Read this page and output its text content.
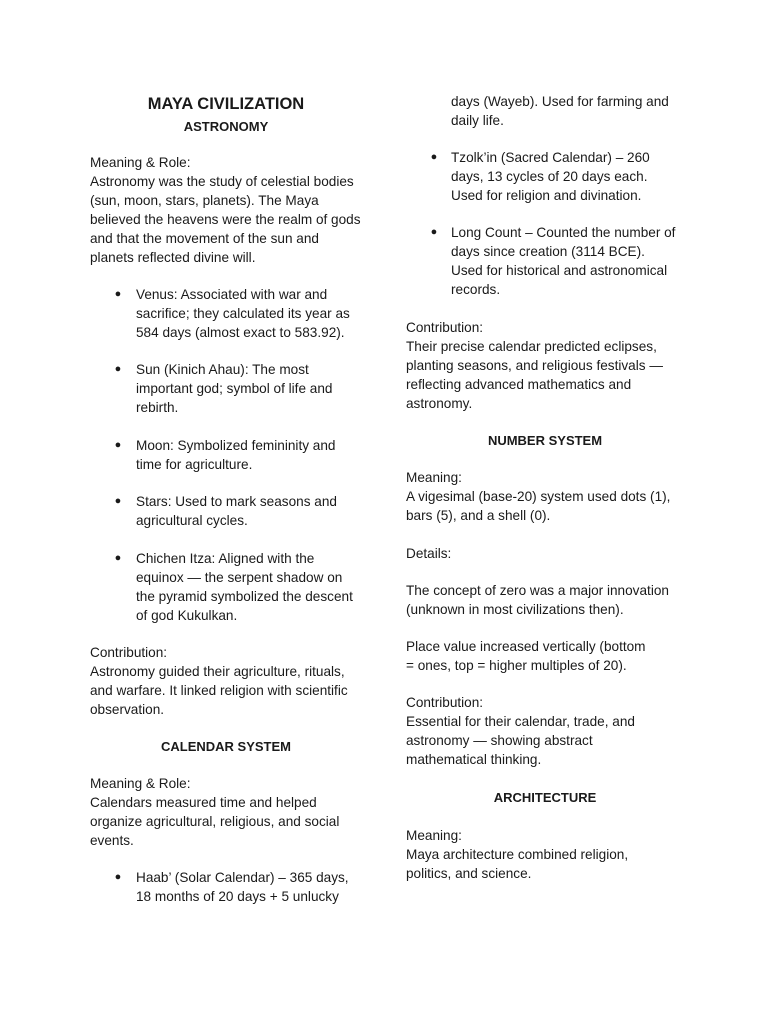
MAYA CIVILIZATION
ASTRONOMY
Meaning & Role:
Astronomy was the study of celestial bodies (sun, moon, stars, planets). The Maya believed the heavens were the realm of gods and that the movement of the sun and planets reflected divine will.
● Venus: Associated with war and sacrifice; they calculated its year as 584 days (almost exact to 583.92).
● Sun (Kinich Ahau): The most important god; symbol of life and rebirth.
● Moon: Symbolized femininity and time for agriculture.
● Stars: Used to mark seasons and agricultural cycles.
● Chichen Itza: Aligned with the equinox — the serpent shadow on the pyramid symbolized the descent of god Kukulkan.
Contribution:
Astronomy guided their agriculture, rituals, and warfare. It linked religion with scientific observation.
CALENDAR SYSTEM
Meaning & Role:
Calendars measured time and helped organize agricultural, religious, and social events.
● Haab’ (Solar Calendar) – 365 days, 18 months of 20 days + 5 unlucky
days (Wayeb). Used for farming and daily life.
● Tzolk’in (Sacred Calendar) – 260 days, 13 cycles of 20 days each. Used for religion and divination.
● Long Count – Counted the number of days since creation (3114 BCE). Used for historical and astronomical records.
Contribution:
Their precise calendar predicted eclipses, planting seasons, and religious festivals — reflecting advanced mathematics and astronomy.
NUMBER SYSTEM
Meaning:
A vigesimal (base-20) system used dots (1), bars (5), and a shell (0).
Details:
The concept of zero was a major innovation (unknown in most civilizations then).
Place value increased vertically (bottom = ones, top = higher multiples of 20).
Contribution:
Essential for their calendar, trade, and astronomy — showing abstract mathematical thinking.
ARCHITECTURE
Meaning:
Maya architecture combined religion, politics, and science.
